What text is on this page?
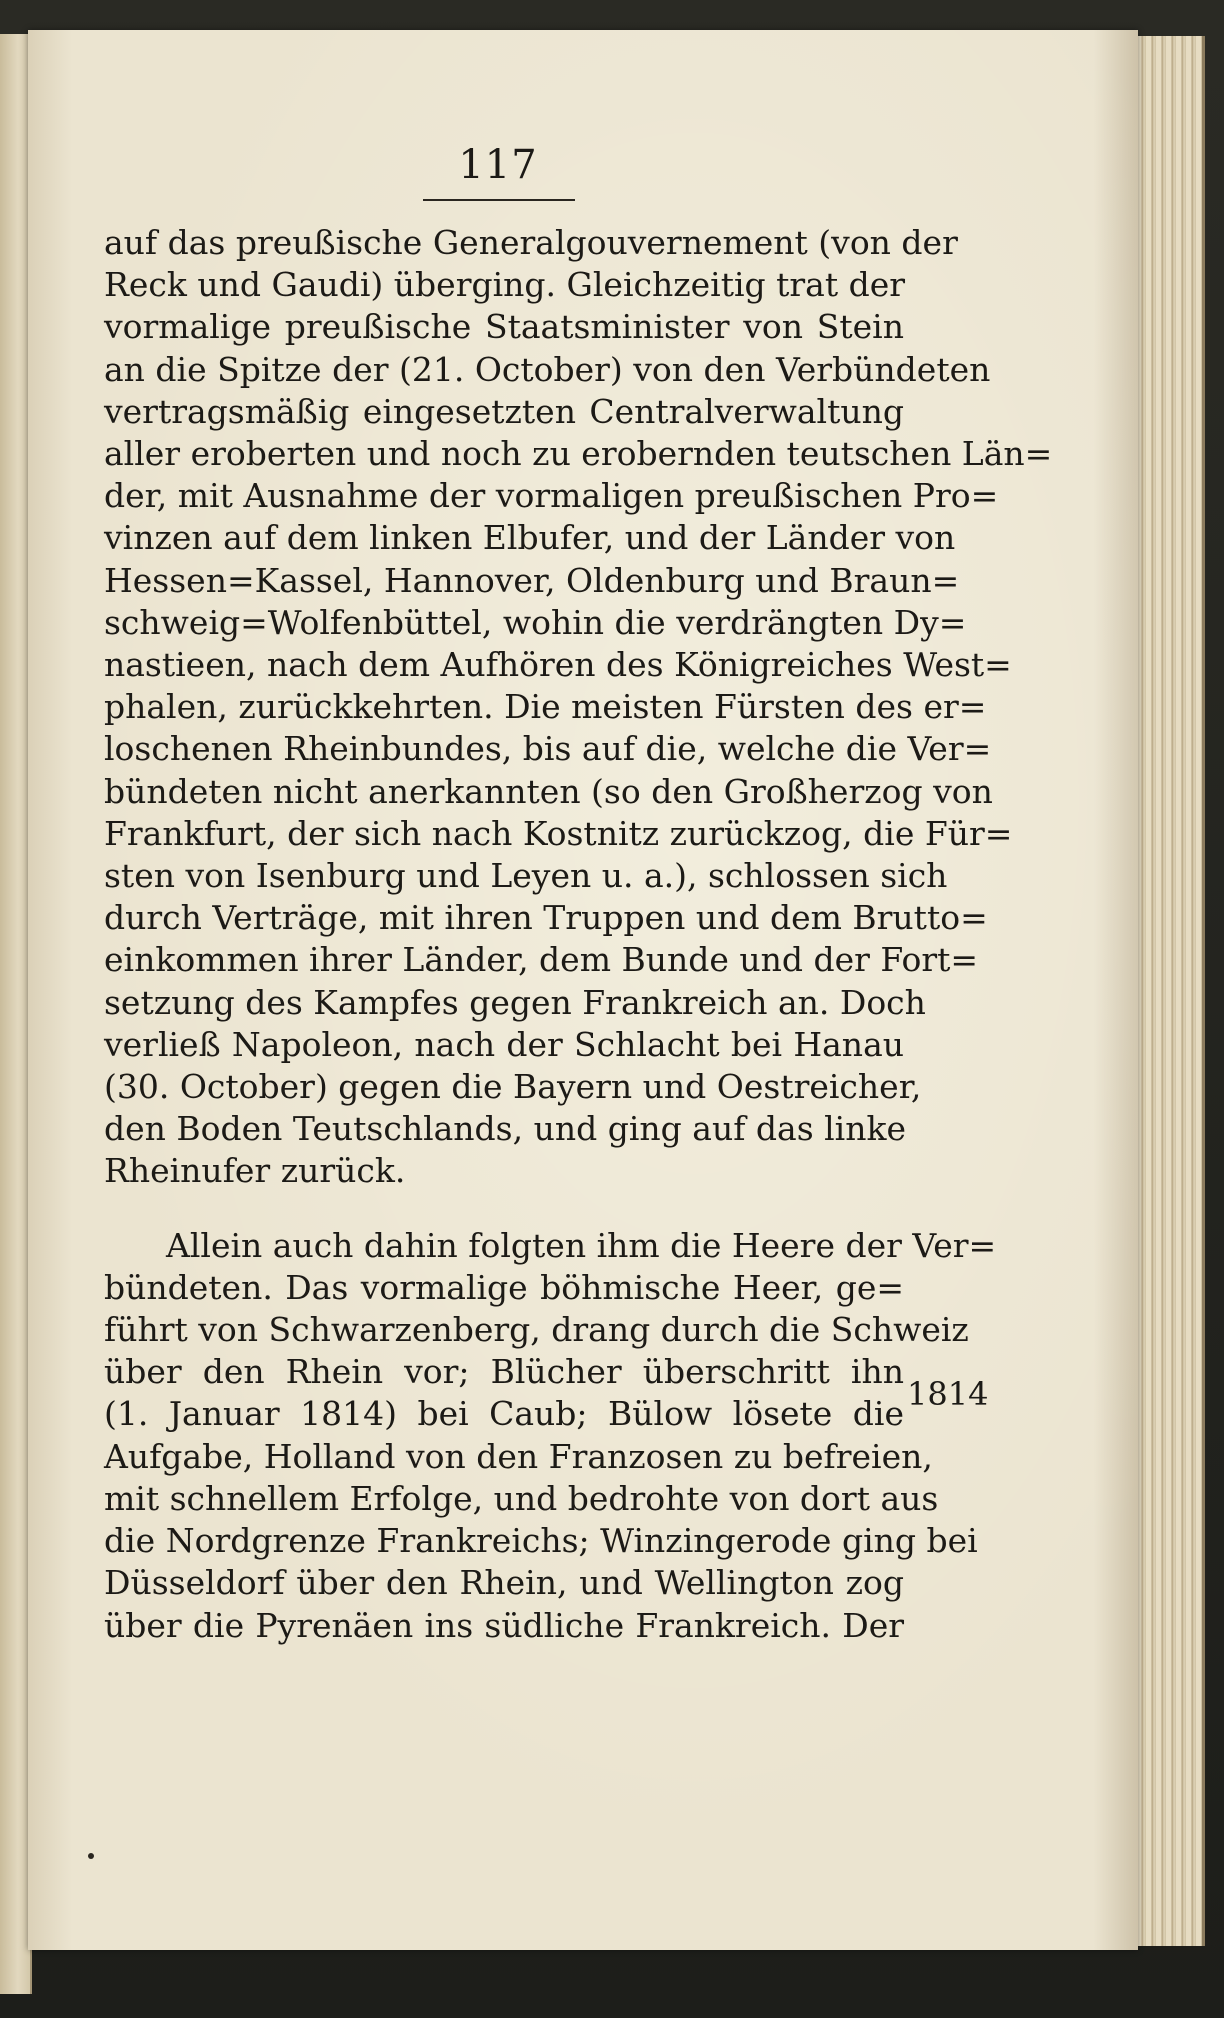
117

auf das preußische Generalgouvernement (von der
Reck und Gaudi) überging. Gleichzeitig trat der
vormalige preußische Staatsminister von Stein
an die Spitze der (21. October) von den Verbündeten
vertragsmäßig eingesetzten Centralverwaltung
aller eroberten und noch zu erobernden teutschen Län=
der, mit Ausnahme der vormaligen preußischen Pro=
vinzen auf dem linken Elbufer, und der Länder von
Hessen=Kassel, Hannover, Oldenburg und Braun=
schweig=Wolfenbüttel, wohin die verdrängten Dy=
nastieen, nach dem Aufhören des Königreiches West=
phalen, zurückkehrten. Die meisten Fürsten des er=
loschenen Rheinbundes, bis auf die, welche die Ver=
bündeten nicht anerkannten (so den Großherzog von
Frankfurt, der sich nach Kostnitz zurückzog, die Für=
sten von Isenburg und Leyen u. a.), schlossen sich
durch Verträge, mit ihren Truppen und dem Brutto=
einkommen ihrer Länder, dem Bunde und der Fort=
setzung des Kampfes gegen Frankreich an. Doch
verließ Napoleon, nach der Schlacht bei Hanau
(30. October) gegen die Bayern und Oestreicher,
den Boden Teutschlands, und ging auf das linke
Rheinufer zurück.

Allein auch dahin folgten ihm die Heere der Ver=
bündeten. Das vormalige böhmische Heer, ge=
führt von Schwarzenberg, drang durch die Schweiz
über den Rhein vor; Blücher überschritt ihn
(1. Januar 1814) bei Caub; Bülow lösete die
Aufgabe, Holland von den Franzosen zu befreien,
mit schnellem Erfolge, und bedrohte von dort aus
die Nordgrenze Frankreichs; Winzingerode ging bei
Düsseldorf über den Rhein, und Wellington zog
über die Pyrenäen ins südliche Frankreich. Der

1814
